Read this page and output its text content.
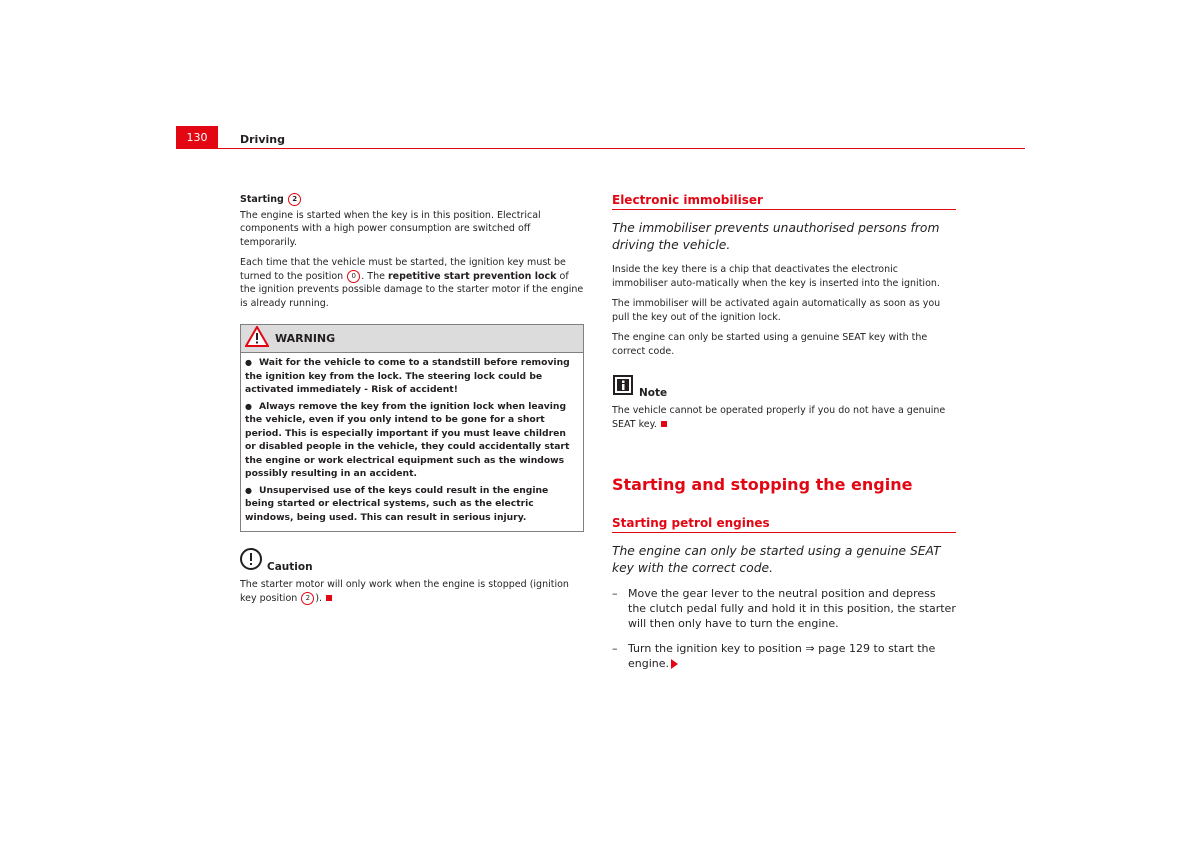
130	Driving
Starting 2

The engine is started when the key is in this position. Electrical components with a high power consumption are switched off temporarily.

Each time that the vehicle must be started, the ignition key must be turned to the position 0 . The repetitive start prevention lock of the ignition prevents possible damage to the starter motor if the engine is already running.

WARNING

● Wait for the vehicle to come to a standstill before removing the ignition key from the lock. The steering lock could be activated immediately - Risk of accident!

● Always remove the key from the ignition lock when leaving the vehicle, even if you only intend to be gone for a short period. This is especially important if you must leave children or disabled people in the vehicle, they could accidentally start the engine or work electrical equipment such as the windows possibly resulting in an accident.

● Unsupervised use of the keys could result in the engine being started or electrical systems, such as the electric windows, being used. This can result in serious injury.

Caution

The starter motor will only work when the engine is stopped (ignition key position 2 ).

Electronic immobiliser

The immobiliser prevents unauthorised persons from driving the vehicle.

Inside the key there is a chip that deactivates the electronic immobiliser auto-matically when the key is inserted into the ignition.

The immobiliser will be activated again automatically as soon as you pull the key out of the ignition lock.

The engine can only be started using a genuine SEAT key with the correct code.

Note

The vehicle cannot be operated properly if you do not have a genuine SEAT key.

Starting and stopping the engine
Starting petrol engines

The engine can only be started using a genuine SEAT key with the correct code.

– Move the gear lever to the neutral position and depress the clutch pedal fully and hold it in this position, the starter will then only have to turn the engine.
– Turn the ignition key to position ⇒ page 129 to start the engine.
